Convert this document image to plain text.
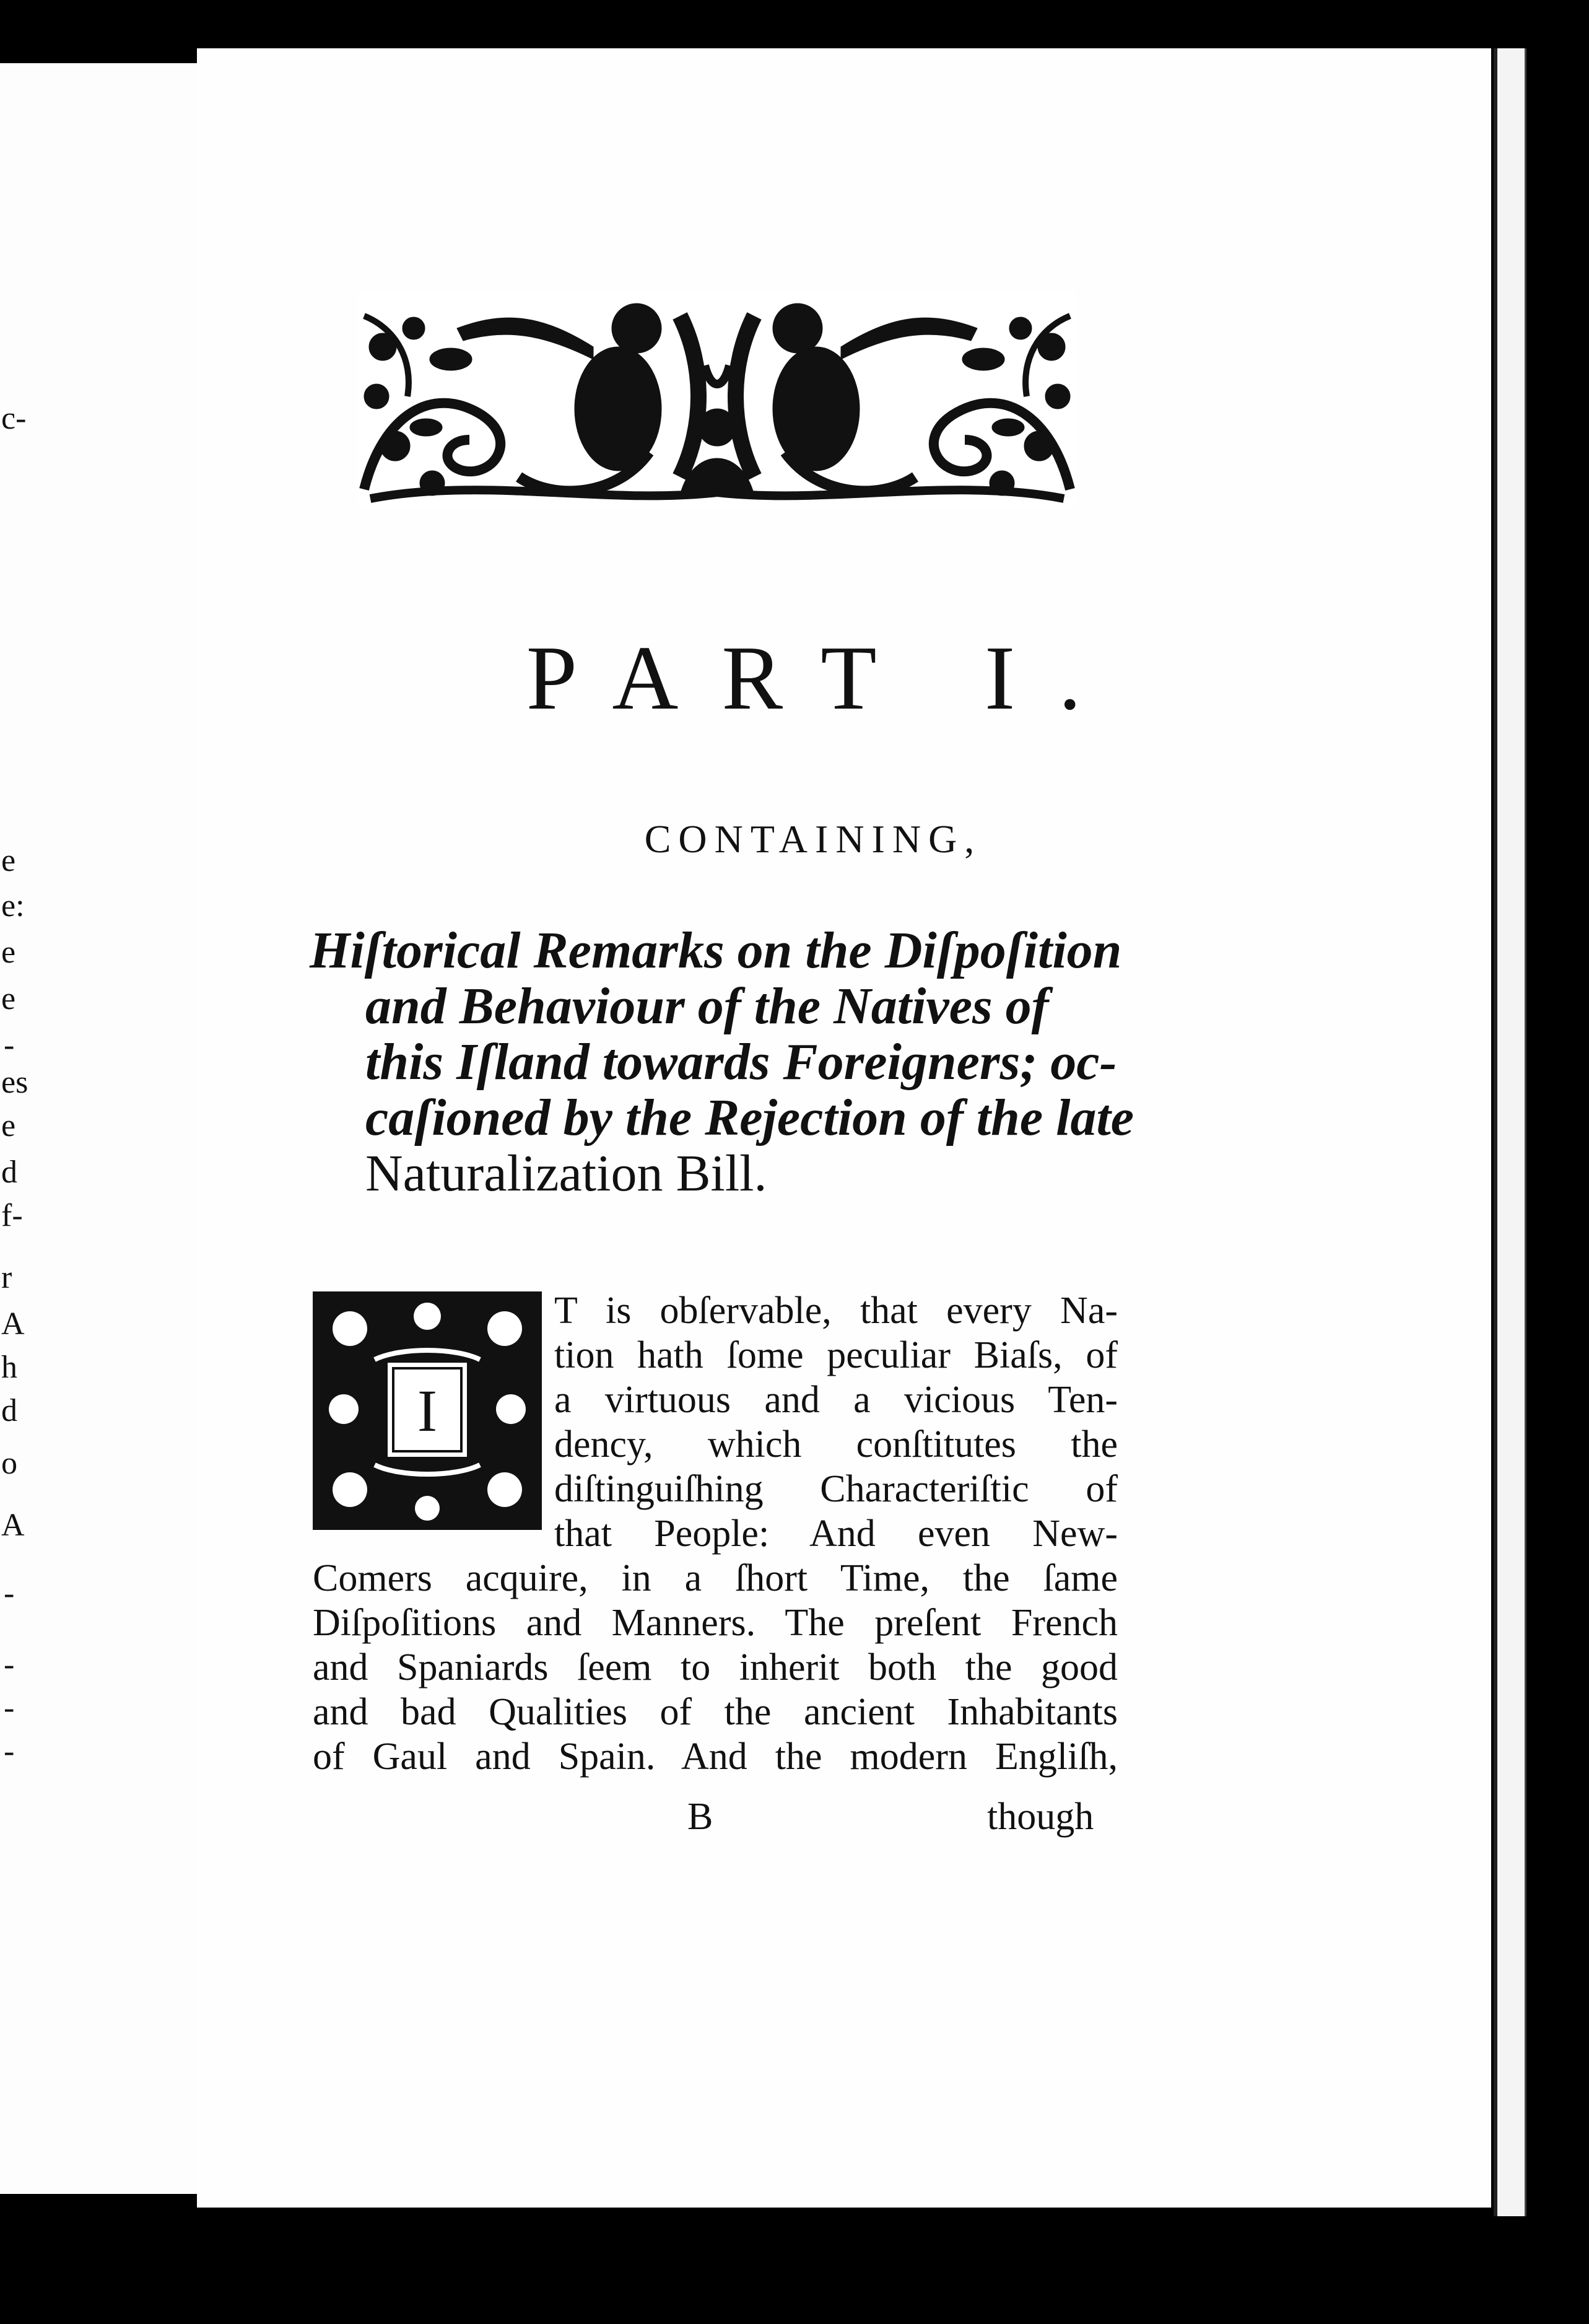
c-
e
e:
e
e
-
es
e
d
f-
r
A
h
d
o
A
-
-
-
-
PART I.
CONTAINING,
Hiſtorical Remarks on the Diſpoſition
and Behaviour of the Natives of
this Iſland towards Foreigners; oc-
caſioned by the Rejection of the late
Naturalization Bill.
I
T is obſervable, that every Na-
tion hath ſome peculiar Biaſs, of
a virtuous and a vicious Ten-
dency, which conſtitutes the
diſtinguiſhing Characteriſtic of
that People: And even New-
Comers acquire, in a ſhort Time, the ſame
Diſpoſitions and Manners. The preſent French
and Spaniards ſeem to inherit both the good
and bad Qualities of the ancient Inhabitants
of Gaul and Spain. And the modern Engliſh,
B	though
